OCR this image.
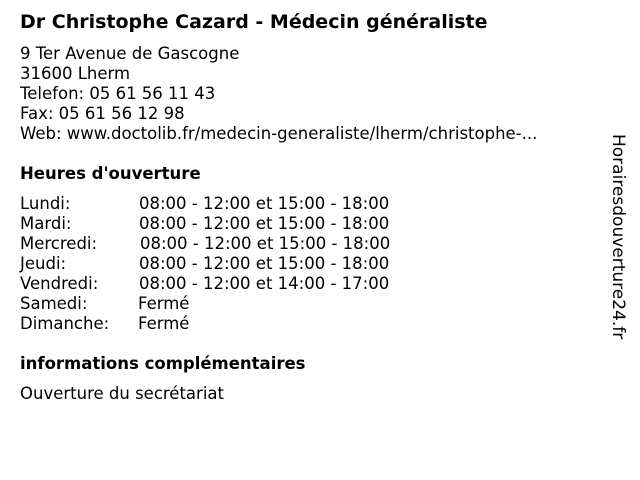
Dr Christophe Cazard - Médecin généraliste
9 Ter Avenue de Gascogne
31600 Lherm
Telefon: 05 61 56 11 43
Fax: 05 61 56 12 98
Web: www.doctolib.fr/medecin-generaliste/lherm/christophe-...
Heures d'ouverture
Lundi:	08:00 - 12:00 et 15:00 - 18:00
Mardi:	08:00 - 12:00 et 15:00 - 18:00
Mercredi:	08:00 - 12:00 et 15:00 - 18:00
Jeudi:	08:00 - 12:00 et 15:00 - 18:00
Vendredi: 08:00 - 12:00 et 14:00 - 17:00
Samedi:	Fermé
Dimanche: Fermé
informations complémentaires
Ouverture du secrétariat
Horairesdouverture24.fr
